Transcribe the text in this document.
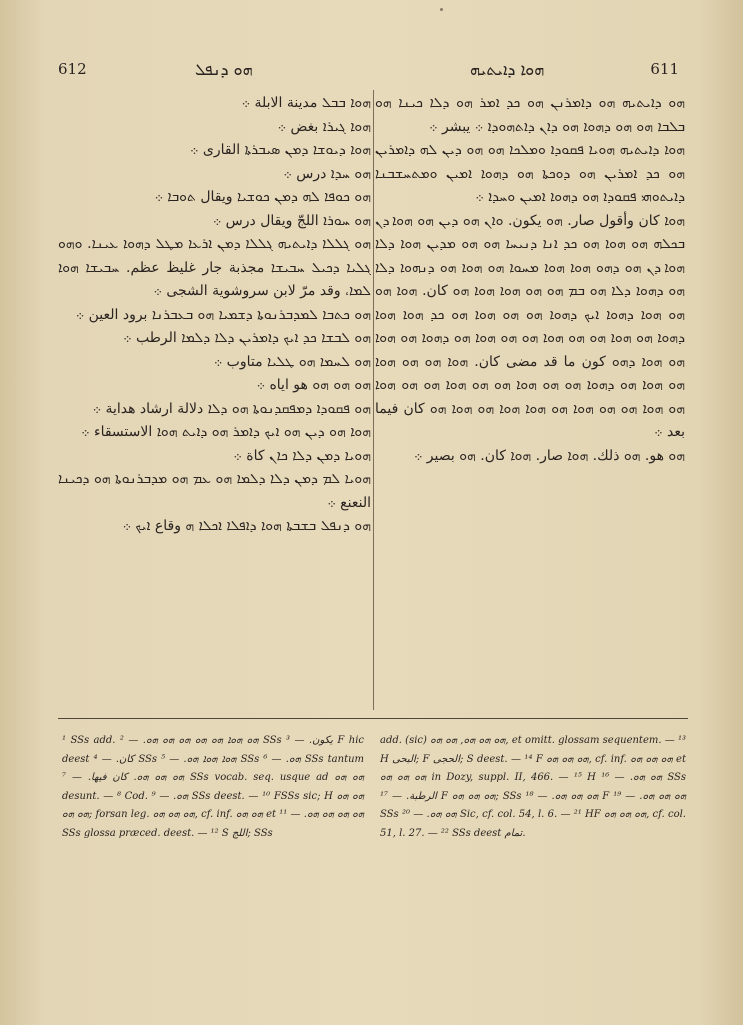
612	ܗܘ ܕܢܦܠ	ܗܘܐ ܕܐܝܬܝܗ	611

ܗܘܐ ܒܒܠ مدينة الابلة ܀

ܗܘܐ ܓܝܪܐ بغض ܀

ܗܘܐ ܕܝܘܫܐ ܕܡܢ ܣܝܒܪܬܐ القارى ܀

ܗܘ ܚܕܐ درس ܀

ܗܘ ܟܘܦܐ ܠܗ ܕܡܢ ܟܘܫܝܐ ويقال ܬܘܒܐ ܀

ܗܘ ܚܘܪܐ اللجّ ويقال درس ܀

ܗܘ ܓܠܠܐ ܕܐܝܬܝܗ ܓܠܠܐ ܕܡܢ ܐܪܥܐ ܡܛܠ ܕܗܘܐ ܥܝܢܐ. ܘܗܘ ܓܠܝܐ ܕܟܝܠ ܚܒܝܫܐ مجذبة جار غليظ عظم. ܚܒܝܫܐ ܗܘܐ ܠܡܐ، وقد مرّ لابن سروشوية الشجى ܀

ܗܘ ܟܬܒܐ ܠܡܕܒܪܢܘܬܐ ܕܫܡܝܐ ܗܘ ܒܥܒܪܢܐ برود العين ܀

ܗܘ ܠܒܫܐ ܟܕ ܐܝܟ ܕܐܡܪܝܢ ܕܠܐ ܕܠܡܐ الرطب ܀

ܗܘ ܠܚܡܐ ܗܘ ܛܠܝܐ متاوب ܀

ܗܘ ܗܘ ܗܘ هو اياه ܀

ܗܘ ܦܩܘܕܐ ܕܡܦܩܕܢܘܬܐ ܗܘ ܕܠܐ دلالة ارشاد هداية ܀

ܗܘܐ ܗܘ ܕܝܢ ܗܘ ܐܝܟ ܕܐܡܪ ܗܘ ܕܐܝܬ ܗܘܐ الاستسقاء ܀

ܗܘܝܐ ܕܡܢ ܕܠܐ ܟܐܢ كاة ܀

ܗܘܝܐ ܠܡ ܕܡܢ ܕܠܐ ܕܠܡܐ ܗܘ ܥܡ ܗܘ ܡܕܒܪܢܘܬܐ ܗܘ ܕܟܝܢܐ النعنع ܀

ܗܘ ܕܢܦܠ ܒܫܒܬܐ ܗܘܐ ܕܐܦܠܐ ܐܟܠܐ ܗ وقاع ܐܝܟ ܀

ܗܘ ܕܐܝܬܝܗ ܗܘ ܕܐܡܪܢܢ ܗܘ ܟܕ ܐܡܪ ܗܘ ܕܠܐ ܟܝܢܐ ܗܘ ܒܠܒܐ ܗܘ ܗܘ ܕܗܘܐ ܗܘ ܕܐܢ ܕܐܬܗܘܕܐ ܀ يبشر ܀

ܗܘܐ ܕܐܝܬܝܗ ܗܘܝܐ ܦܩܘܕܐ ܘܡܠܟܐ ܗܘ ܗܘ ܕܝܢ ܠܗ ܕܐܡܪܝܢ ܗܘ ܟܕ ܐܡܪܝܢ ܗܘ ܕܘܟܬܐ ܗܘ ܕܗܘܐ ܐܡܝܢ ܘܡܬܚܫܒܢܐ ܕܐܝܬܘܗܝ ܦܩܘܕܐ ܗܘ ܕܗܘܐ ܐܡܝܢ ܘܚܕܐ ܀

ܗܘܐ كان وأقول صار. ܗܘ يكون. ܘܐܢ ܗܘ ܕܝܢ ܗܘ ܗܘܐ ܕܢ ܒܟܠܗ ܗܘ ܗܘܐ ܗܘ ܟܕ ܐܢܐ ܕܢܝܚܐ ܗܘ ܗܘ ܡܕܝܢ ܗܘܐ ܕܠܐ ܗܘܐ ܕܢ ܗܘ ܕܗܘ ܗܘܐ ܗܘܐ ܡܚܘܐ ܗܘ ܗܘܐ ܗܘ ܕܢܗܘܐ ܕܠܐ ܗܘ ܕܗܘܐ ܕܠܐ ܗܘ ܒܡ ܗܘ ܗܘ ܗܘܐ ܗܘܐ ܗܘ كان. ܗܘܐ ܗܘ ܗܘ ܗܘܐ ܕܗܘܐ ܐܝܟ ܕܗܘܐ ܗܘ ܗܘ ܗܘܐ ܗܘ ܟܕ ܗܘܐ ܗܘܐ ܕܗܘܐ ܗܘ ܗܘܐ ܗܘ ܗܘ ܗܘܐ ܗܘ ܗܘ ܗܘܐ ܗܘ ܕܗܘܐ ܗܘ ܗܘܐ ܗܘ ܗܘܐ ܕܗܘ كون ما قد مضى كان. ܗܘܐ ܗܘ ܗܘ ܗܘܐ ܗܘ ܗܘܐ ܗܘ ܕܗܘܐ ܗܘ ܗܘ ܗܘܐ ܗܘ ܗܘ ܗܘܐ ܗܘ ܗܘ ܗܘܐ ܗܘ ܗܘܐ ܗܘ ܗܘ ܗܘܐ ܗܘ ܗܘܐ ܗܘܐ ܗܘ ܗܘܐ ܗܘ كان فيما بعد ܀

ܗܘ هو. ܗܘ ذلك. ܗܘܐ صار. ܗܘܐ كان. ܗܘ بصير ܀

¹ SSs add. ܗܘ ܗܘܐ ܗܘ ܗܘ ܗܘ ܗܘ ܗܘ. — ² SSs يكون. — ³ F hic deest كان. — ⁴ SSs ܗܘܐ ܗܘܐ ܗܘ. — ⁵ SSs ܗܘ. — ⁶ SSs tantum ܗܘ ܗܘ ܗܘ. كان فيها. — ⁷ SSs vocab. seq. usque ad ܗܘ ܗܘ desunt. — ⁸ Cod. ܗܘ. — ⁹ SSs deest. — ¹⁰ FSSs sic; H ܗܘ ܗܘ ܗܘ ܗܘ; forsan leg. ܗܘ ܗܘ ܗܘ, cf. inf. ܗܘ ܗܘ et ܗܘ ܗܘ ܗܘ ܗܘ. — ¹¹ SSs glossa præced. deest. — ¹² S اللج; SSs
add. (sic) ܗܘ ܗܘ ܗܘ, ܗܘ ܗܘ, et omitt. glossam sequentem. — ¹³ H البحى; F الحجى; S deest. — ¹⁴ F ܗܘ ܗܘ ܗܘ, cf. inf. ܗܘ ܗܘ ܗܘ et ܗܘ ܗܘ ܗܘ in Dozy, suppl. II, 466. — ¹⁵ H ܗܘ ܗܘ. — ¹⁶ SSs الرطبة. — ¹⁷ F ܗܘ ܗܘ ܗܘ; SSs ܗܘ ܗܘ ܗܘ. — ¹⁸ F ܗܘ ܗܘ ܗܘ. — ¹⁹ SSs ܗܘ ܗܘ. — ²⁰ Sic, cf. col. 54, l. 6. — ²¹ HF ܗܘ ܗܘ ܗܘ, cf. col. 51, l. 27. — ²² SSs deest تمام.
